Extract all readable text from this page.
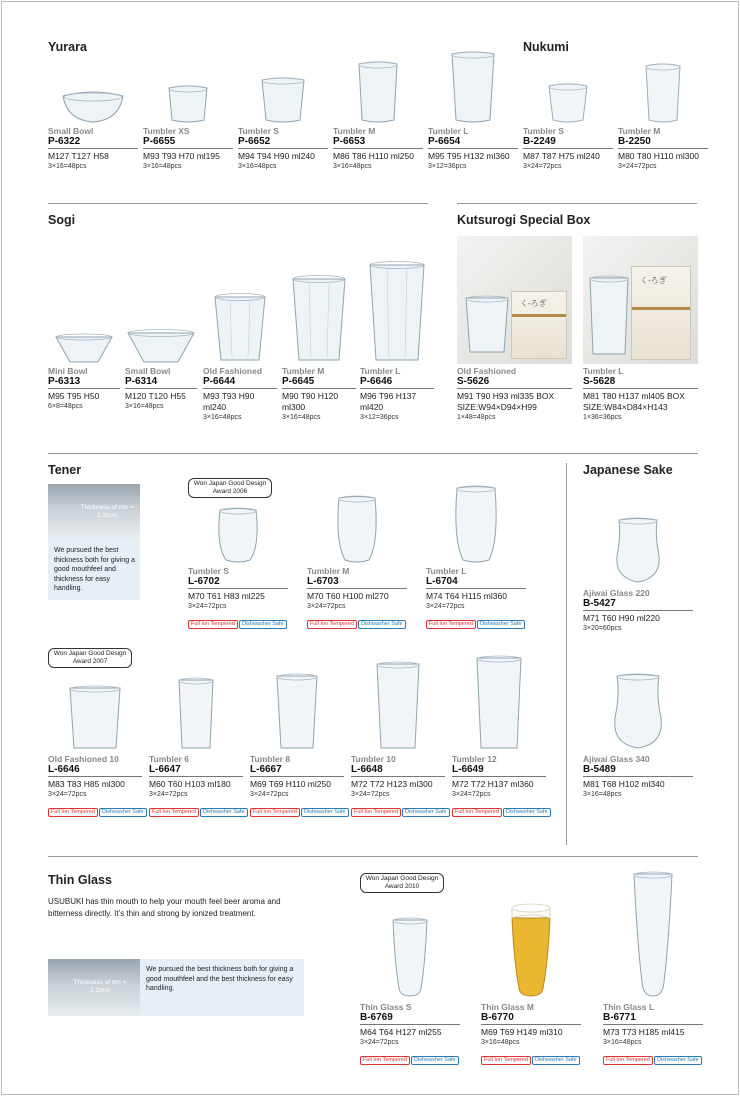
Yurara	Nukumi
Small Bowl
P-6322
M127 T127 H58
3×16=48pcs
Tumbler XS
P-6655
M93 T93 H70 ml195
3×16=48pcs
Tumbler S
P-6652
M94 T94 H90 ml240
3×16=48pcs
Tumbler M
P-6653
M86 T86 H110 ml250
3×16=48pcs
Tumbler L
P-6654
M95 T95 H132 ml360
3×12=36pcs
Tumbler S
B-2249
M87 T87 H75 ml240
3×24=72pcs
Tumbler M
B-2250
M80 T80 H110 ml300
3×24=72pcs
Sogi	Kutsurogi Special Box
Mini Bowl
P-6313
M95 T95 H50
6×8=48pcs
Small Bowl
P-6314
M120 T120 H55
3×16=48pcs
Old Fashioned
P-6644
M93 T93 H90 ml240
3×16=48pcs
Tumbler M
P-6645
M90 T90 H120 ml300
3×16=48pcs
Tumbler L
P-6646
M96 T96 H137 ml420
3×12=36pcs
く-ろぎ
Old Fashioned
S-5626
M91 T90 H93 ml335 BOX SIZE:W94×D94×H99
1×48=48pcs
く-ろぎ
Tumbler L
S-5628
M81 T80 H137 ml405 BOX SIZE:W84×D84×H143
1×36=36pcs
Tener	Japanese Sake
Thickness of rim = 1.2mm
We pursued the best thickness both for giving a good mouthfeel and thickness for easy handling.
Won Japan Good Design Award 2006
Tumbler S
L-6702
M70 T61 H83 ml225
3×24=72pcs
Full Ion Tempered Dishwasher Safe
Tumbler M
L-6703
M70 T60 H100 ml270
3×24=72pcs
Full Ion Tempered Dishwasher Safe
Tumbler L
L-6704
M74 T64 H115 ml360
3×24=72pcs
Full Ion Tempered Dishwasher Safe
Won Japan Good Design Award 2007
Old Fashioned 10
L-6646
M83 T83 H85 ml300
3×24=72pcs
Full Ion Tempered Dishwasher Safe
Tumbler 6
L-6647
M60 T60 H103 ml180
3×24=72pcs
Full Ion Tempered Dishwasher Safe
Tumbler 8
L-6667
M69 T69 H110 ml250
3×24=72pcs
Full Ion Tempered Dishwasher Safe
Tumbler 10
L-6648
M72 T72 H123 ml300
3×24=72pcs
Full Ion Tempered Dishwasher Safe
Tumbler 12
L-6649
M72 T72 H137 ml360
3×24=72pcs
Full Ion Tempered Dishwasher Safe
Ajiwai Glass 220
B-5427
M71 T60 H90 ml220
3×20=60pcs
Ajiwai Glass 340
B-5489
M81 T68 H102 ml340
3×16=48pcs
Thin Glass
USUBUKI has thin mouth to help your mouth feel beer aroma and bitterness directly. It’s thin and strong by ionized treatment.
Thickness of rim = 1.2mm
We pursued the best thickness both for giving a good mouthfeel and the best thickness for easy handling.
Won Japan Good Design Award 2010
Thin Glass S
B-6769
M64 T64 H127 ml255
3×24=72pcs
Full Ion Tempered Dishwasher Safe
Thin Glass M
B-6770
M69 T69 H149 ml310
3×16=48pcs
Full Ion Tempered Dishwasher Safe
Thin Glass L
B-6771
M73 T73 H185 ml415
3×16=48pcs
Full Ion Tempered Dishwasher Safe
